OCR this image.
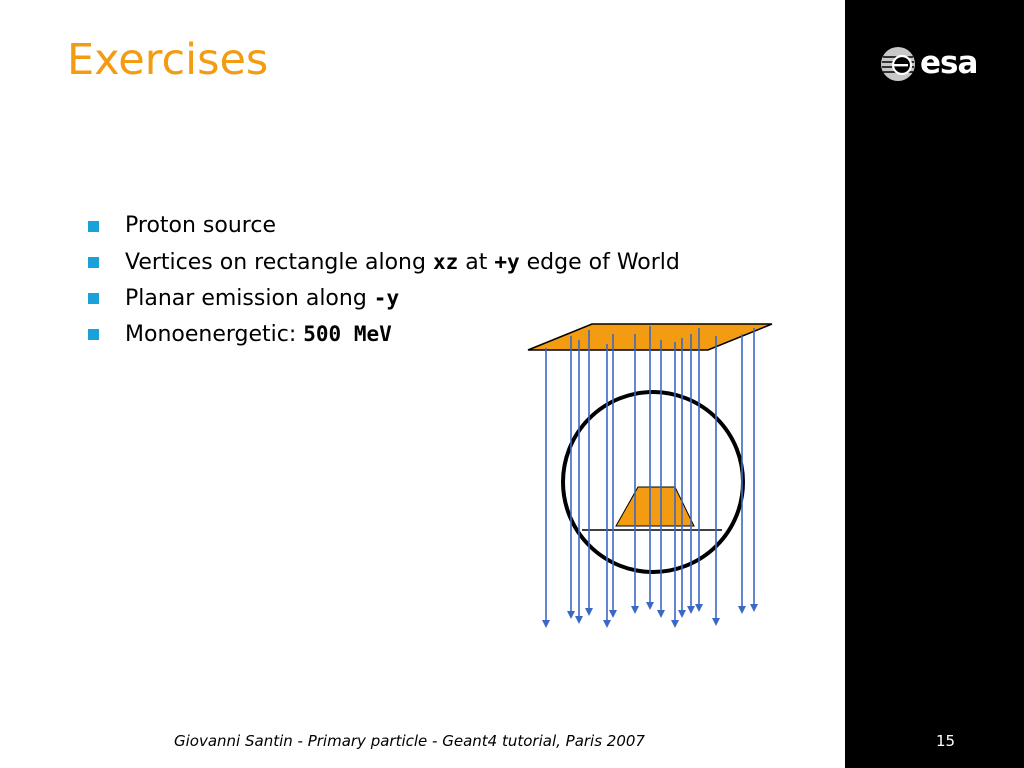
Exercises	esa
Proton source
Vertices on rectangle along xz at +y edge of World
Planar emission along -y
Monoenergetic: 500 MeV
Giovanni Santin - Primary particle - Geant4 tutorial, Paris 2007	15
